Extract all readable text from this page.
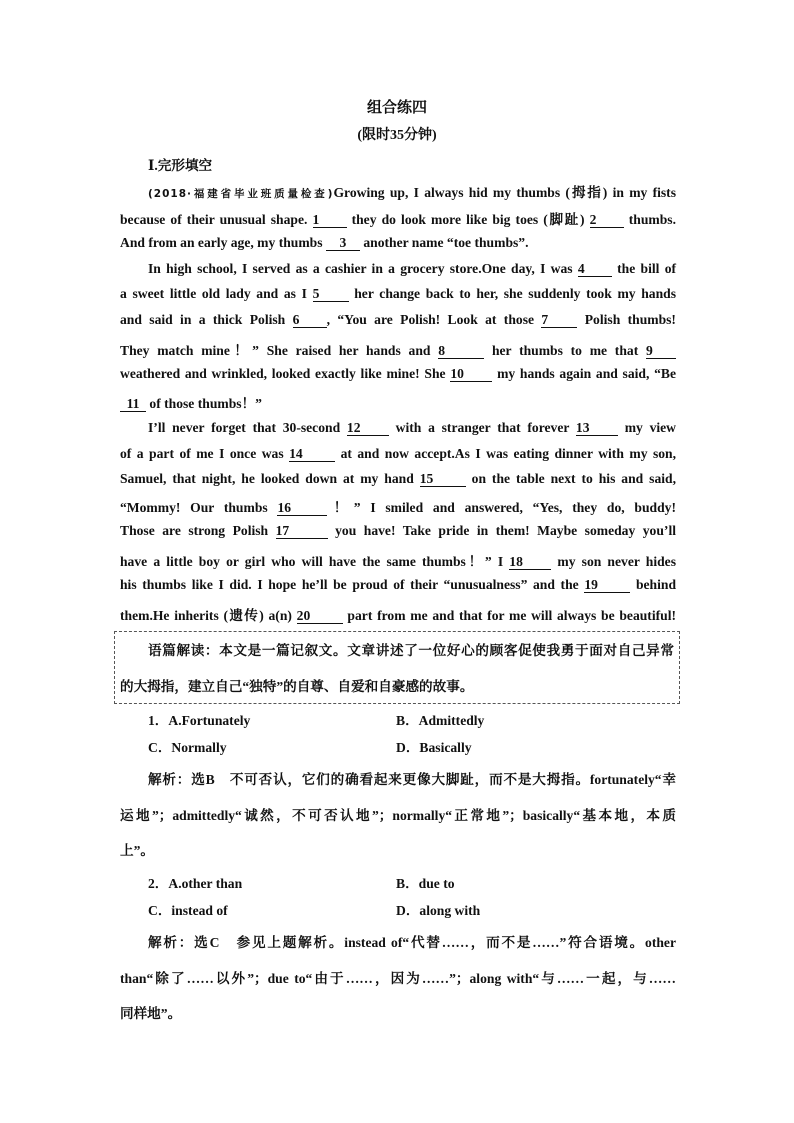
组合练四
(限时35分钟)
Ⅰ.完形填空
(2018·福建省毕业班质量检查)Growing up, I always hid my thumbs (拇指) in my fists
because of their unusual shape. 1 they do look more like big toes (脚趾) 2 thumbs.
And from an early age, my thumbs 3 another name “toe thumbs”.
In high school, I served as a cashier in a grocery store.One day, I was 4 the bill of
a sweet little old lady and as I 5	her change back to her, she suddenly took my hands
and said in a thick Polish 6 , “You are Polish! Look at those 7	Polish thumbs!
They match mine！” She raised her hands and 8	her thumbs to me that 9
weathered and wrinkled, looked exactly like mine! She 10 my hands again and said, “Be
11 of those thumbs！”
I’ll never forget that 30-second 12	with a stranger that forever 13	my view
of a part of me I once was 14	at and now accept.As I was eating dinner with my son,
Samuel, that night, he looked down at my hand 15	on the table next to his and said,
“Mommy! Our thumbs 16	！” I smiled and answered, “Yes, they do, buddy!
Those are strong Polish 17	you have! Take pride in them! Maybe someday you’ll
have a little boy or girl who will have the same thumbs！” I 18	my son never hides
his thumbs like I did. I hope he’ll be proud of their “unusualness” and the 19	behind
them.He inherits (遗传) a(n) 20	part from me and that for me will always be beautiful!
语篇解读：本文是一篇记叙文。文章讲述了一位好心的顾客促使我勇于面对自己异常
的大拇指，建立自己“独特”的自尊、自爱和自豪感的故事。
1．A.Fortunately	B．Admittedly
C．Normally	D．Basically
解析：选B　不可否认，它们的确看起来更像大脚趾，而不是大拇指。fortunately“幸
运地”；admittedly“诚然，不可否认地”；normally“正常地”；basically“基本地，本质
上”。
2．A.other than	B．due to
C．instead of	D．along with
解析：选C　参见上题解析。instead of“代替……，而不是……”符合语境。other
than“除了……以外”；due to“由于……，因为……”；along with“与……一起，与……
同样地”。
